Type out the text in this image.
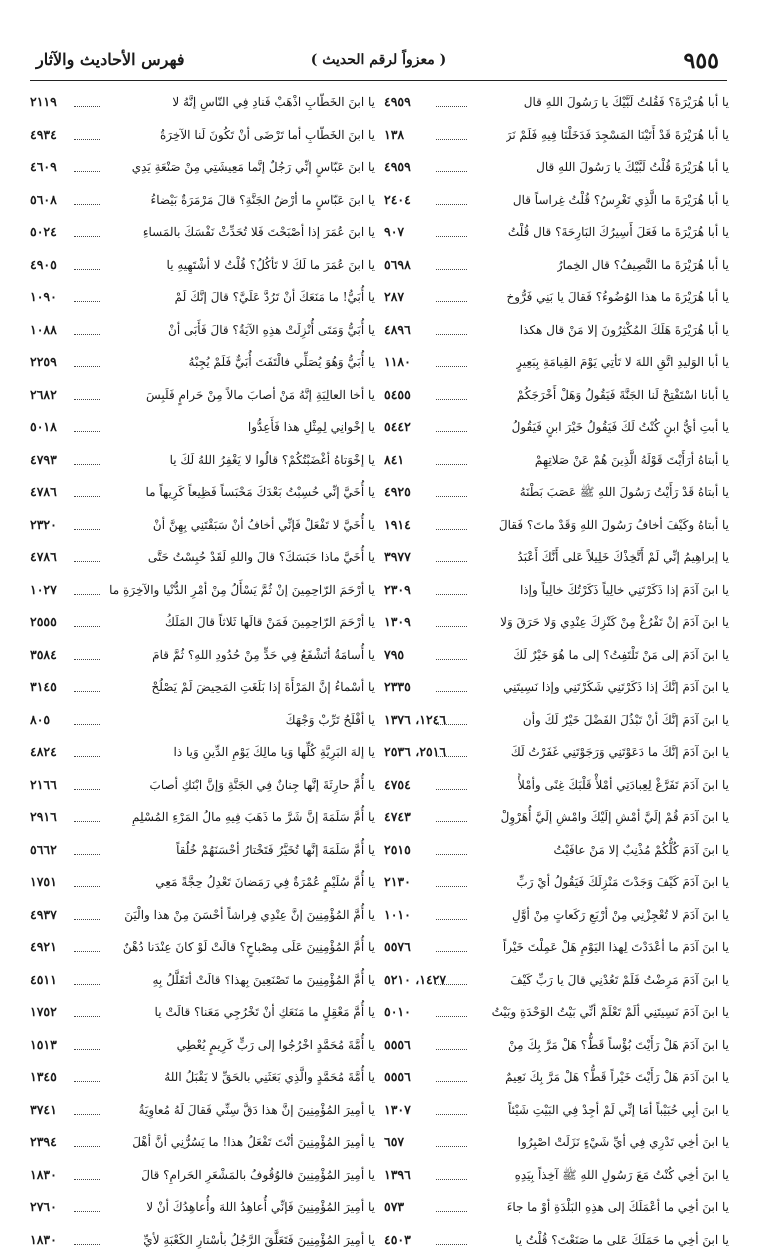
٩٥٥
( معزواً لرقم الحديث )
فهرس الأحاديث والآثار
يا أبا هُرَيْرَةَ؟ فَقُلتُ لَبَّيْكَ يا رَسُولَ اللهِ قال
٤٩٥٩
يا أبا هُرَيْرَةَ قَدْ أَتَيْنَا المَسْجِدَ فَدَخَلْنَا فِيهِ فَلَمْ نَرَ
١٣٨
يا أبا هُرَيْرَةَ قُلْتُ لَبَّيْكَ يا رَسُولَ اللهِ قال
٤٩٥٩
يا أبا هُرَيْرَةَ ما الَّذِي تَغْرِسُ؟ قُلْتُ غِراساً قال
٢٤٠٤
يا أبا هُرَيْرَةَ ما فَعَلَ أَسِيرُكَ البَارِحَةَ؟ قال قُلْتُ
٩٠٧
يا أبا هُرَيْرَةَ ما النَّصِيفُ؟ قال الخِمارُ
٥٦٩٨
يا أبا هُرَيْرَةَ ما هذا الوُضُوءُ؟ فَقالَ يا بَنِي فَرُّوخ
٢٨٧
يا أبا هُرَيْرَةَ هَلَكَ المُكْثِرُونَ إلا مَنْ قال هكذا
٤٨٩٦
يا أبا الوَليدِ اتَّقِ اللهَ لا تَأتِي يَوْمَ القِيامَةِ بِبَعِيرٍ
١١٨٠
يا أبانا اسْتَفْتِحْ لَنا الجَنَّةَ فَيَقُولُ وَهَلْ أَخْرَجَكُمْ
٥٤٥٥
يا أبتِ أيُّ ابنٍ كُنْتُ لَكَ فَيَقُولُ خَيْرَ ابنٍ فَيَقُولُ
٥٤٤٢
يا أبتاهُ أرَأَيْتَ قَوْلَهُ الَّذِينَ هُمْ عَنْ صَلاتِهِمْ
٨٤١
يا أبتاهُ قَدْ رَأَيْتُ رَسُولَ اللهِ ﷺ عَصَبَ بَطْنَهُ
٤٩٢٥
يا أبتاهُ وكَيْفَ أخافُ رَسُولَ اللهِ وَقَدْ ماتَ؟ فَقالَ
١٩١٤
يا إبراهِيمُ إنِّي لَمْ أَتَّخِذْكَ خَلِيلاً عَلى أَنَّكَ أَعْبَدُ
٣٩٧٧
يا ابنَ آدَمَ إذا ذَكَرْتَنِي خالِياً ذَكَرْتُكَ خالِياً وإذا
٢٣٠٩
يا ابنَ آدَمَ إنْ تَفْرُغْ مِنْ كَنْزِكَ عِنْدِي وَلا حَرَقَ وَلا
١٣٠٩
يا ابنَ آدَمَ إلى مَنْ تَلْتَفِتُ؟ إلى ما هُوَ خَيْرٌ لَكَ
٧٩٥
يا ابنَ آدَمَ إنَّكَ إذا ذَكَرْتَنِي شَكَرْتَنِي وإذا نَسِيتَنِي
٢٣٣٥
يا ابنَ آدَمَ إنَّكَ أنْ تَبْذُلَ الفَضْلَ خَيْرٌ لَكَ وأن
١٢٤٦، ١٣٧٦
يا ابنَ آدَمَ إنَّكَ ما دَعَوْتَنِي وَرَجَوْتَنِي غَفَرْتُ لَكَ
٢٥١٦، ٢٥٣٦
يا ابنَ آدَمَ تَفَرَّغْ لِعِبادَتِي أمْلأْ قَلْبَكَ غِنًى وأمْلأْ
٤٧٥٤
يا ابنَ آدَمَ قُمْ إلَيَّ أمْشِ إلَيْكَ وامْشِ إلَيَّ أُهَرْوِلْ
٤٧٤٣
يا ابنَ آدَمَ كُلُّكُمْ مُذْنِبٌ إلا مَنْ عافَيْتُ
٢٥١٥
يا ابنَ آدَمَ كَيْفَ وَجَدْتَ مَنْزِلَكَ فَيَقُولُ أيْ رَبِّ
٢١٣٠
يا ابنَ آدَمَ لا تُعْجِزْنِي مِنْ أرْبَعِ رَكَعاتٍ مِنْ أوَّلِ
١٠١٠
يا ابنَ آدَمَ ما أعْدَدْتَ لِهذا اليَوْمِ هَلْ عَمِلْتَ خَيْراً
٥٥٧٦
يا ابنَ آدَمَ مَرِضْتُ فَلَمْ تَعُدْنِي قالَ يا رَبِّ كَيْفَ
١٤٢٧، ٥٢١٠
يا ابنَ آدَمَ نَسِيتَنِي ألَمْ تَعْلَمْ أنِّي بَيْتُ الوَحْدَةِ وبَيْتُ
٥٠١٠
يا ابنَ آدَمَ هَلْ رَأَيْتَ بُؤْساً قَطُّ؟ هَلْ مَرَّ بِكَ مِنْ
٥٥٥٦
يا ابنَ آدَمَ هَلْ رَأَيْتَ خَيْراً قَطُّ؟ هَلْ مَرَّ بِكَ نَعِيمٌ
٥٥٥٦
يا ابنَ أبِي حُبَيْباً أمَا إنِّي لَمْ أجِدْ فِي البَيْتِ شَيْئاً
١٣٠٧
يا ابنَ أخِي تَدْرِي فِي أيِّ شَيْءٍ نَزَلَتْ اصْبِرُوا
٦٥٧
يا ابنَ أخِي كُنْتُ مَعَ رَسُولِ اللهِ ﷺ آخِذاً بِيَدِهِ
١٣٩٦
يا ابنَ أخِي ما أعْمَلَكَ إلى هذِهِ البَلْدَةِ أوْ ما جاءَ
٥٧٣
يا ابنَ أخِي ما حَمَلَكَ عَلى ما صَنَعْتَ؟ قُلْتُ يا
٤٥٠٣
يا ابنَ الخَطّابِ اذْهَبْ فَنادِ فِي النّاسِ إنَّهُ لا
٢١١٩
يا ابنَ الخَطّابِ أما تَرْضَى أنْ تَكُونَ لَنا الآخِرَةُ
٤٩٣٤
يا ابنَ عَبّاسٍ إنِّي رَجُلٌ إنَّما مَعِيشَتِي مِنْ صَنْعَةِ يَدِي
٤٦٠٩
يا ابنَ عَبّاسٍ ما أرْضُ الجَنَّةِ؟ قالَ مَرْمَرَةٌ بَيْضاءُ
٥٦٠٨
يا ابنَ عُمَرَ إذا أصْبَحْتَ فَلا تُحَدِّثْ نَفْسَكَ بالمَساءِ
٥٠٢٤
يا ابنَ عُمَرَ ما لَكَ لا تَأكُلُ؟ قُلْتُ لا أشْتَهِيهِ يا
٤٩٠٥
يا أُبَيُّ! ما مَنَعَكَ أنْ تَرُدَّ عَلَيَّ؟ قالَ إنَّكَ لَمْ
١٠٩٠
يا أُبَيُّ وَمَتَى أُنْزِلَتْ هذِهِ الآيَةُ؟ قالَ فَأَبَى أنْ
١٠٨٨
يا أُبَيُّ وَهُوَ يُصَلِّي فالْتَفَتَ أُبَيٌّ فَلَمْ يُجِبْهُ
٢٢٥٩
يا أخا العالِيَةِ إنَّهُ مَنْ أصابَ مالاً مِنْ حَرامٍ فَلَبِسَ
٢٦٨٢
يا إخْوانِي لِمِثْلِ هذا فَأَعِدُّوا
٥٠١٨
يا إخْوَتاهُ أغْضَبْتُكُمْ؟ قالُوا لا يَغْفِرُ اللهُ لَكَ يا
٤٧٩٣
يا أُخَيَّ إنِّي حُسِبْتُ بَعْدَكَ مَحْبَساً فَظِيعاً كَرِيهاً ما
٤٧٨٦
يا أُخَيَّ لا تَفْعَلْ فَإنِّي أخافُ أنْ سَبَقْتَنِي بِهِنَّ أنْ
٢٣٢٠
يا أُخَيَّ ماذا حَبَسَكَ؟ قالَ واللهِ لَقَدْ حُبِسْتُ حَتَّى
٤٧٨٦
يا أرْحَمَ الرّاحِمِينَ إنْ ثُمَّ يَسْأَلُ مِنْ أمْرِ الدُّنْيا والآخِرَةِ ما
١٠٢٧
يا أرْحَمَ الرّاحِمِينَ فَمَنْ قالَها ثَلاثاً قالَ المَلَكُ
٢٥٥٥
يا أُسامَةُ أتَشْفَعُ فِي حَدٍّ مِنْ حُدُودِ اللهِ؟ ثُمَّ قامَ
٣٥٨٤
يا أسْماءُ إنَّ المَرْأَةَ إذا بَلَغَتِ المَحِيضَ لَمْ يَصْلُحْ
٣١٤٥
يا أفْلَحُ تَرِّبْ وَجْهَكَ
٨٠٥
يا إلهَ البَرِيَّةِ كُلِّها وَيا مالِكَ يَوْمِ الدِّينِ وَيا ذا
٤٨٢٤
يا أُمَّ حارِثَةَ إنَّها جِنانٌ فِي الجَنَّةِ وَإنَّ ابْنَكِ أصابَ
٢١٦٦
يا أُمَّ سَلَمَةَ إنَّ شَرَّ ما ذَهَبَ فِيهِ مالُ المَرْءِ المُسْلِمِ
٢٩١٦
يا أُمَّ سَلَمَةَ إنَّها تُخَيَّرُ فَتَخْتارُ أحْسَنَهُمْ خُلُقاً
٥٦٦٢
يا أُمَّ سُلَيْمٍ عُمْرَةٌ فِي رَمَضانَ تَعْدِلُ حِجَّةً مَعِي
١٧٥١
يا أُمَّ المُؤْمِنِينَ إنَّ عِنْدِي فِراشاً أحْسَنَ مِنْ هذا والْيَنَ
٤٩٣٧
يا أُمَّ المُؤْمِنِينَ عَلَى مِصْباحٍ؟ قالَتْ لَوْ كانَ عِنْدَنا دُهْنٌ
٤٩٢١
يا أُمَّ المُؤْمِنِينَ ما تَصْنَعِينَ بِهذا؟ قالَتْ أتَقَلَّلُ بِهِ
٤٥١١
يا أُمَّ مَعْقِلٍ ما مَنَعَكِ أنْ تَخْرُجِي مَعَنا؟ قالَتْ يا
١٧٥٢
يا أُمَّةَ مُحَمَّدٍ اخْرُجُوا إلى رَبٍّ كَرِيمٍ يُعْطِي
١٥١٣
يا أُمَّةَ مُحَمَّدٍ والَّذِي بَعَثَنِي بالحَقِّ لا يَقْبَلُ اللهُ
١٣٤٥
يا أمِيرَ المُؤْمِنِينَ إنَّ هذا دَقَّ سِنِّي فَقالَ لَهُ مُعاوِيَةُ
٣٧٤١
يا أمِيرَ المُؤْمِنِينَ أنْتَ تَفْعَلُ هذا! ما يَسُرُّنِي أنَّ أهْلَ
٢٣٩٤
يا أمِيرَ المُؤْمِنِينَ فالوُقُوفُ بالمَشْعَرِ الحَرامِ؟ قالَ
١٨٣٠
يا أمِيرَ المُؤْمِنِينَ فَإنِّي أُعاهِدُ اللهَ وأُعاهِدُكَ أنْ لا
٢٧٦٠
يا أمِيرَ المُؤْمِنِينَ فَتَعَلَّقَ الرَّجُلُ بأسْتارِ الكَعْبَةِ لأيِّ
١٨٣٠
